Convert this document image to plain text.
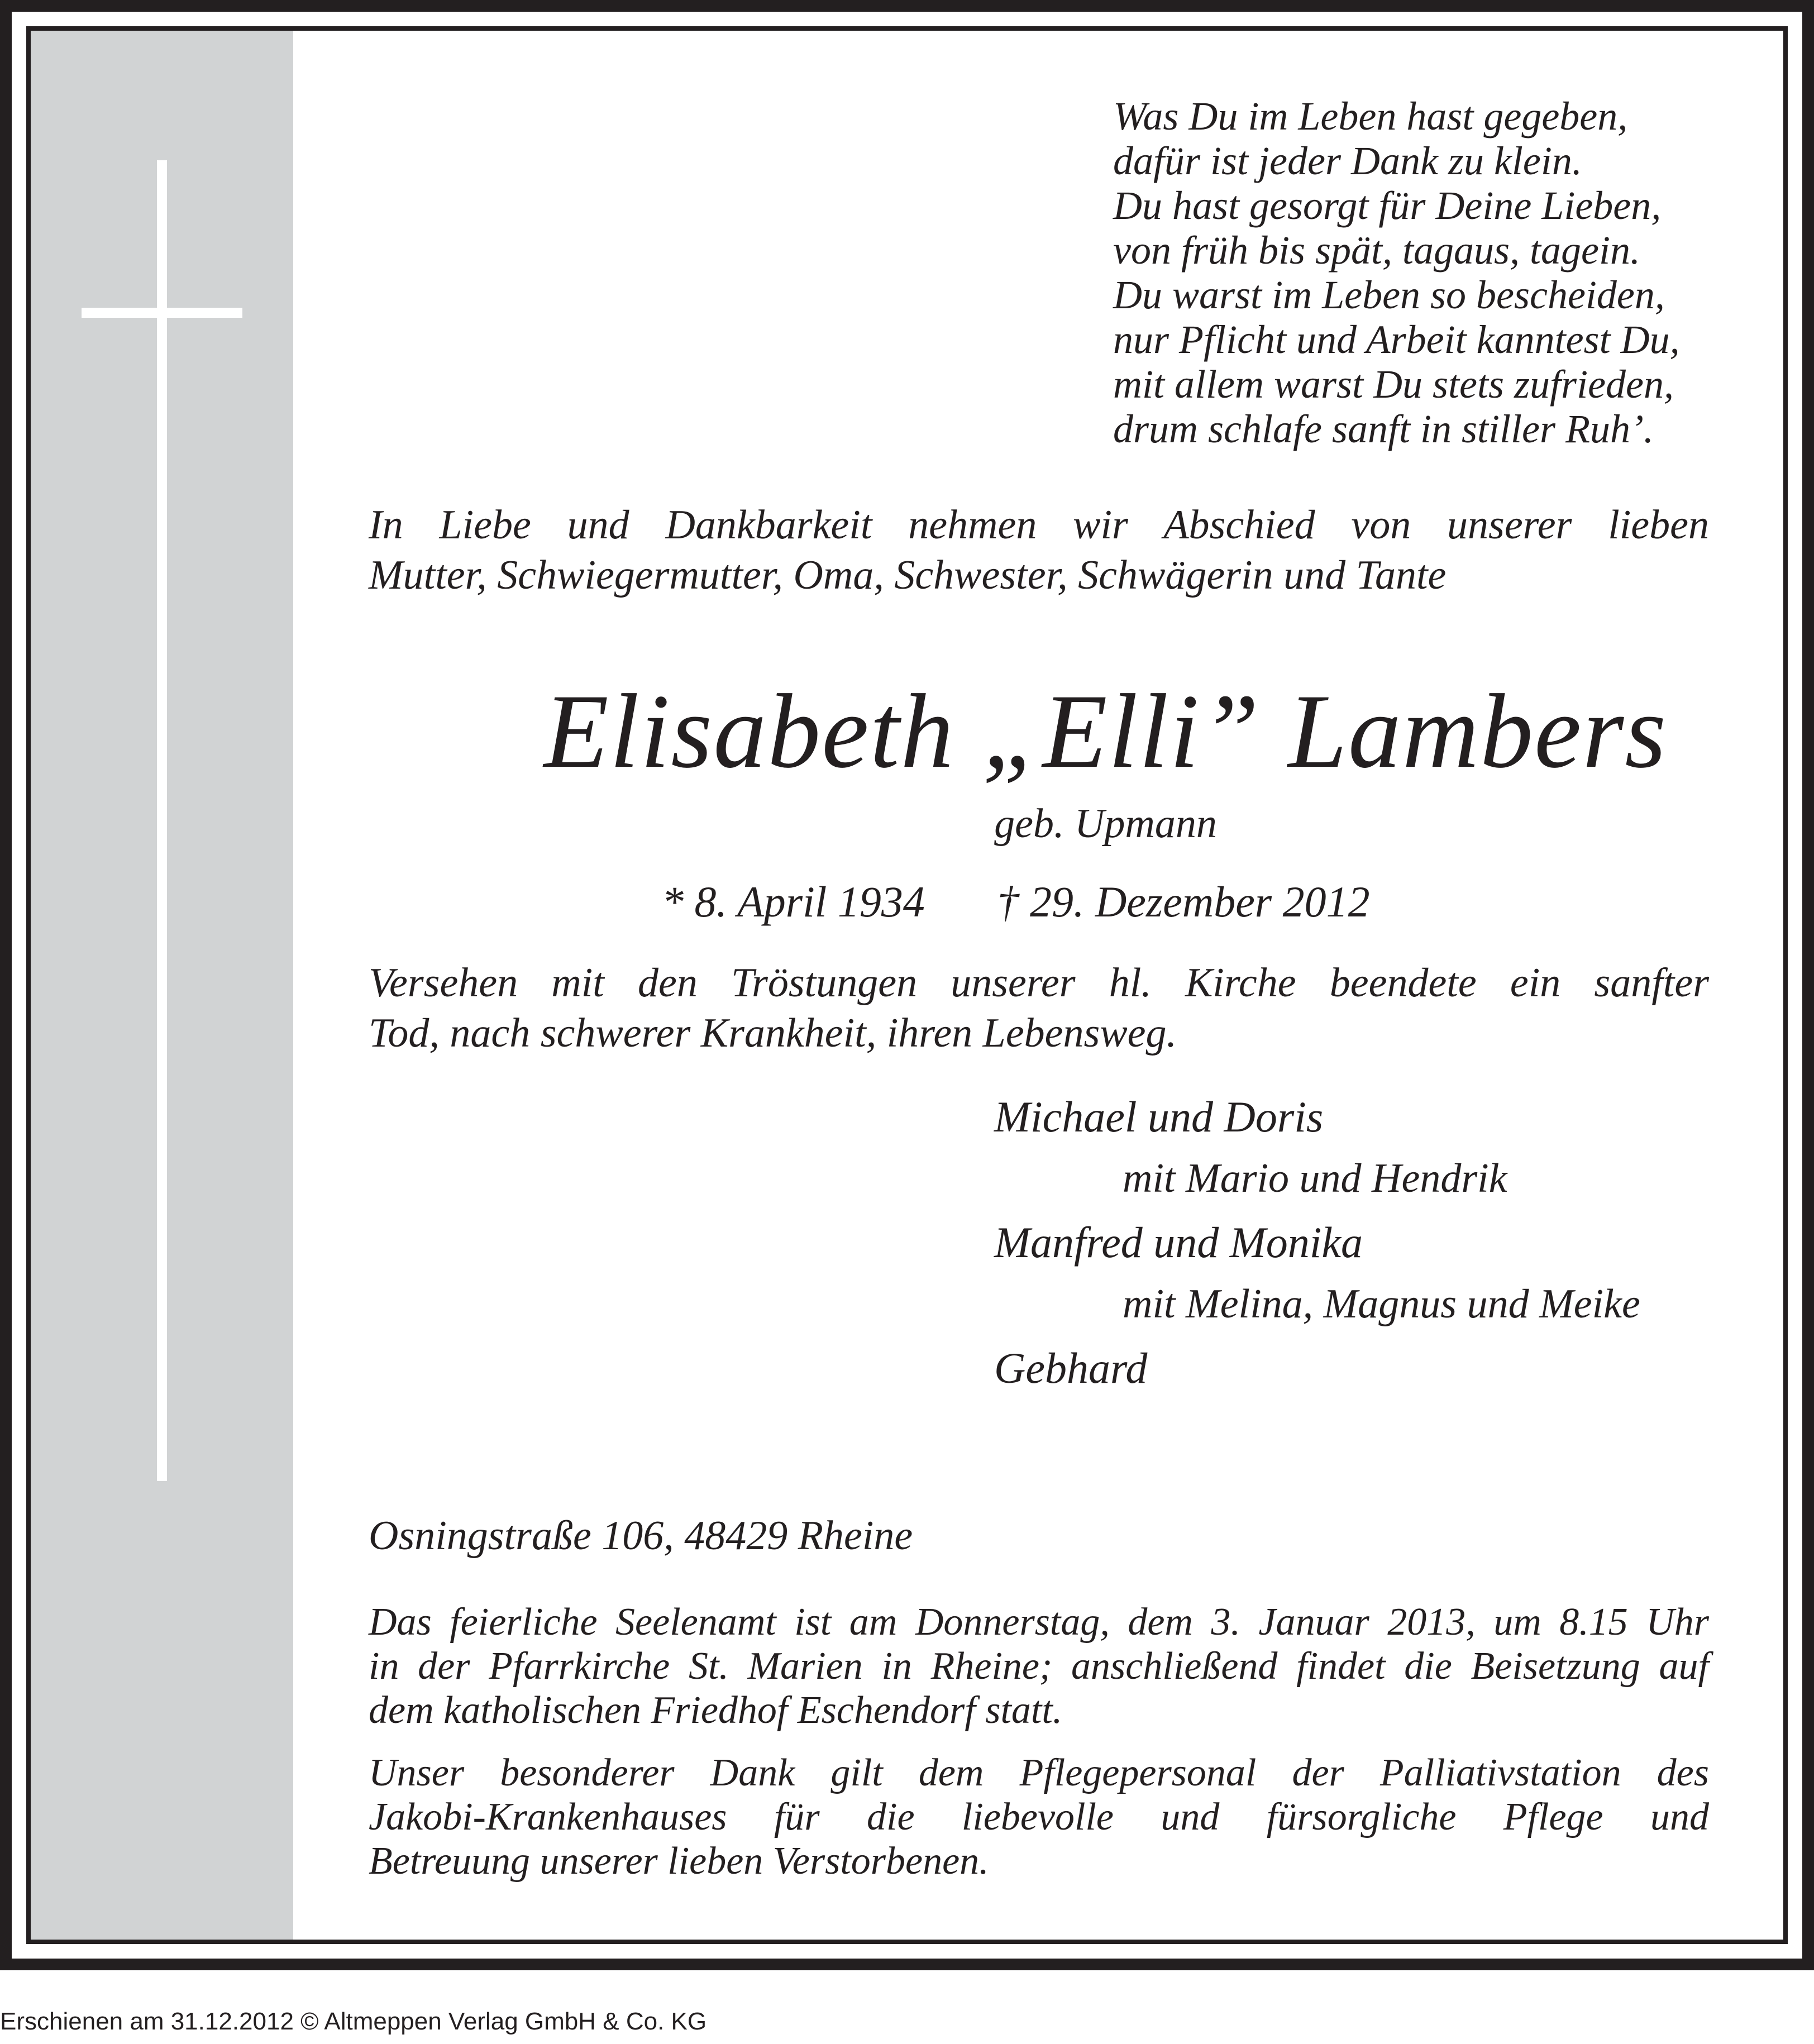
Was Du im Leben hast gegeben,
dafür ist jeder Dank zu klein.
Du hast gesorgt für Deine Lieben,
von früh bis spät, tagaus, tagein.
Du warst im Leben so bescheiden,
nur Pflicht und Arbeit kanntest Du,
mit allem warst Du stets zufrieden,
drum schlafe sanft in stiller Ruh’.
In Liebe und Dankbarkeit nehmen wir Abschied von unserer lieben
Mutter, Schwiegermutter, Oma, Schwester, Schwägerin und Tante
Elisabeth „Elli” Lambers
geb. Upmann
* 8. April 1934 † 29. Dezember 2012
Versehen mit den Tröstungen unserer hl. Kirche beendete ein sanfter
Tod, nach schwerer Krankheit, ihren Lebensweg.
Michael und Doris
mit Mario und Hendrik
Manfred und Monika
mit Melina, Magnus und Meike
Gebhard
Osningstraße 106, 48429 Rheine
Das feierliche Seelenamt ist am Donnerstag, dem 3. Januar 2013, um 8.15 Uhr
in der Pfarrkirche St. Marien in Rheine; anschließend findet die Beisetzung auf
dem katholischen Friedhof Eschendorf statt.
Unser besonderer Dank gilt dem Pflegepersonal der Palliativstation des
Jakobi-Krankenhauses für die liebevolle und fürsorgliche Pflege und
Betreuung unserer lieben Verstorbenen.
Erschienen am 31.12.2012 © Altmeppen Verlag GmbH & Co. KG
